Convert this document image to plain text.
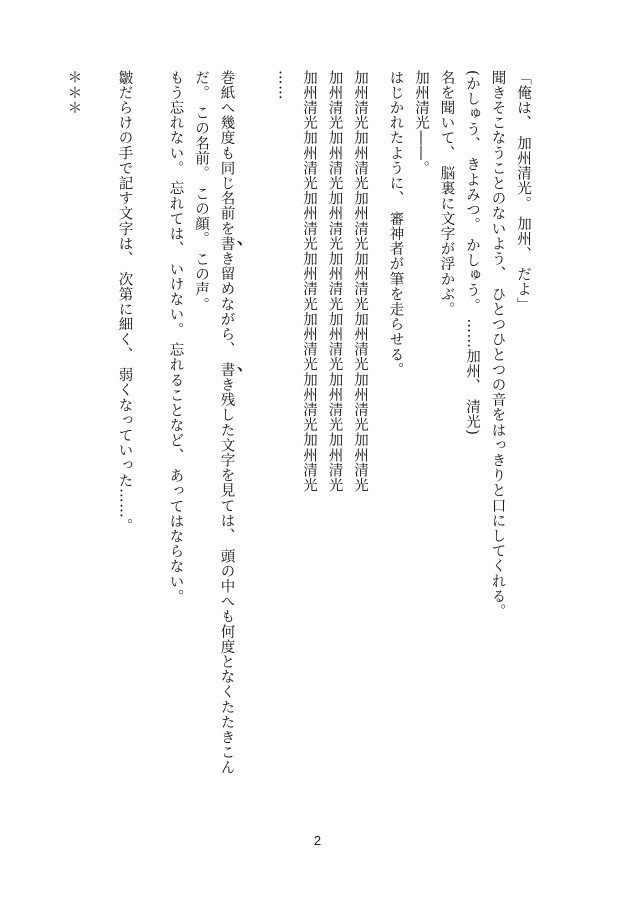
「俺は、 加州清光。 加州、 だよ」
聞きそこなうことのないよう、 ひとつひとつの音をはっきりと口にしてくれる。
(かしゅう、 きよみつ。 かしゅう。 ……加州、 清光)
名を聞いて、 脳裏に文字が浮かぶ。
加州清光――。
はじかれたように、 審神者が筆を走らせる。
加州清光加州清光加州清光加州清光加州清光加州清光加州清光
加州清光加州清光加州清光加州清光加州清光加州清光加州清光
加州清光加州清光加州清光加州清光加州清光加州清光加州清光
……
巻紙へ幾度も同じ名前を書き留めながら、 書き残した文字を見ては、 頭の中へも何度となくたたきこん
だ。 この名前。 この顔。 この声。
もう忘れない。 忘れては、 いけない。 忘れることなど、 あってはならない。
皺だらけの手で記す文字は、 次第に細く、 弱くなっていった……。
＊＊＊
2
